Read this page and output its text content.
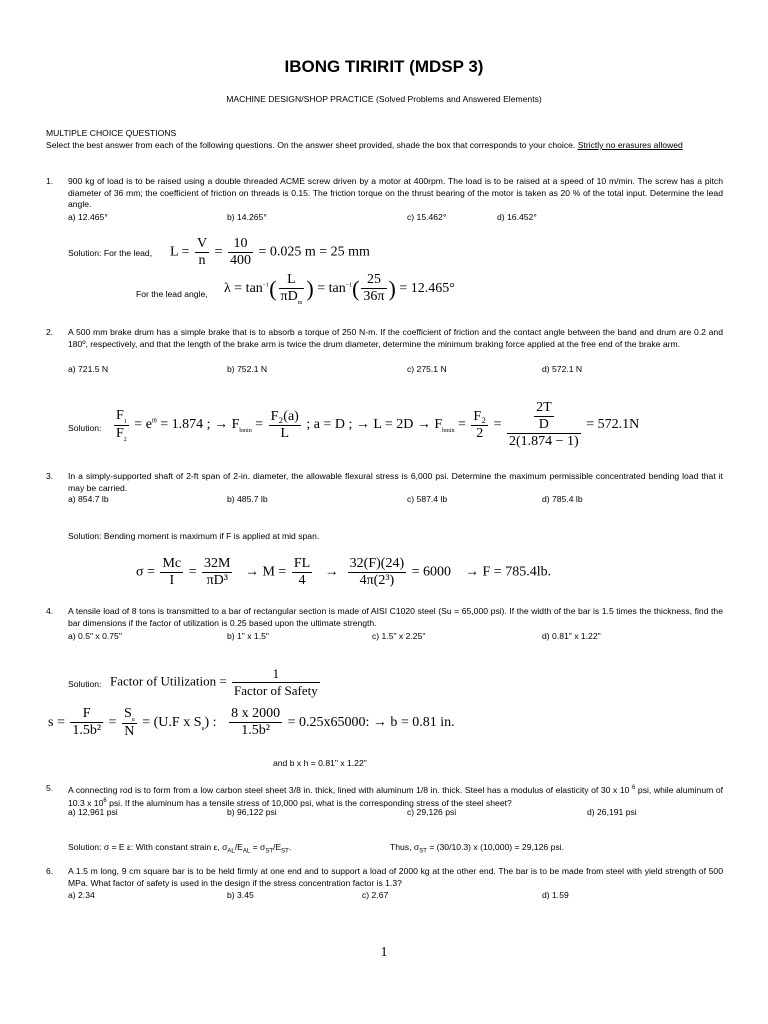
IBONG TIRIRIT (MDSP 3)
MACHINE DESIGN/SHOP PRACTICE (Solved Problems and Answered Elements)
MULTIPLE CHOICE QUESTIONS
Select the best answer from each of the following questions. On the answer sheet provided, shade the box that corresponds to your choice. Strictly no erasures allowed
1. 900 kg of load is to be raised using a double threaded ACME screw driven by a motor at 400rpm. The load is to be raised at a speed of 10 m/min. The screw has a pitch diameter of 36 mm; the coefficient of friction on threads is 0.15. The friction torque on the thrust bearing of the motor is taken as 20 % of the total input. Determine the lead angle.
a) 12.465°	b) 14.265°	c) 15.462°	d) 16.452°
Solution: For the lead, $L = \frac{V}{n} = \frac{10}{400} = 0.025$ m = 25 mm
For the lead angle, $\lambda = \tan^{-1}( \frac{L}{\pi D_m}$ ) = $\tan^{-1}( \frac{25}{36\pi}$ ) = 12.465°
2. A 500 mm brake drum has a simple brake that is to absorb a torque of 250 N-m. If the coefficient of friction and the contact angle between the band and drum are 0.2 and 180º, respectively, and that the length of the brake arm is twice the drum diameter, determine the minimum braking force applied at the free end of the brake arm.
a) 721.5 N	b) 752.1 N	c) 275.1 N	d) 572.1 N
Solution: $\frac{F_1}{F_2} = e^{f\theta} = 1.874$ ; → $F_{bmin} = \frac{\text{F₂(a)}}{L}$ ; a = D ; → $L = 2D \to F_{bmin} = \frac{\text{F₂}}{2} = \frac{\frac{2T}{D}}{2(1.874 - 1)} = 572.1N$
3. In a simply-supported shaft of 2-ft span of 2-in. diameter, the allowable flexural stress is 6,000 psi. Determine the maximum permissible concentrated bending load that it may be carried.
a) 854.7 lb	b) 485.7 lb	c) 587.4 lb	d) 785.4 lb
Solution: Bending moment is maximum if F is applied at mid span.
$\sigma = \frac{Mc}{I} = \frac{32M}{\text{πD³}} \to M = \frac{FL}{4} \to \frac{32(F)(24)}{\text{4π(2³)}} = 6000 \to F = 785.4lb$.
4. A tensile load of 8 tons is transmitted to a bar of rectangular section is made of AISI C1020 steel (Su = 65,000 psi). If the width of the bar is 1.5 times the thickness, find the bar dimensions if the factor of utilization is 0.25 based upon the ultimate strength.
a) 0.5" x 0.75"	b) 1" x 1.5"	c) 1.5" x 2.25"	d) 0.81" x 1.22"
Solution: Factor of Utilization = $\frac{1}{\text{Factor of Safety}}$
$s = \frac{F}{\text{1.5b²}} = \frac{S_u}{N} = (U.F$ x $S_u$) : $\frac{8 x 2000}{\text{1.5b²}} = 0.25x65000$: → b = 0.81 in.
and b x h = 0.81" x 1.22"
5. A connecting rod is to form from a low carbon steel sheet 3/8 in. thick, lined with aluminum 1/8 in. thick. Steel has a modulus of elasticity of 30 x 10 $^6$ psi, while aluminum of 10.3 x $10^6$ psi. If the aluminum has a tensile stress of 10,000 psi, what is the corresponding stress of the steel sheet?
a) 12,961 psi	b) 96,122 psi	c) 29,126 psi	d) 26,191 psi
Solution: σ = E ε: With constant strain ε, $\sigma_{AL}/E_{AL} = \sigma_{ST}/E_{ST}$.	Thus, $\sigma_{ST} = (30/10.3)$ x (10,000) = 29,126 psi.
6. A 1.5 m long, 9 cm square bar is to be held firmly at one end and to support a load of 2000 kg at the other end. The bar is to be made from steel with yield strength of 500 MPa. What factor of safety is used in the design if the stress concentration factor is 1.3?
a) 2.34	b) 3.45	c) 2.67	d) 1.59
1
